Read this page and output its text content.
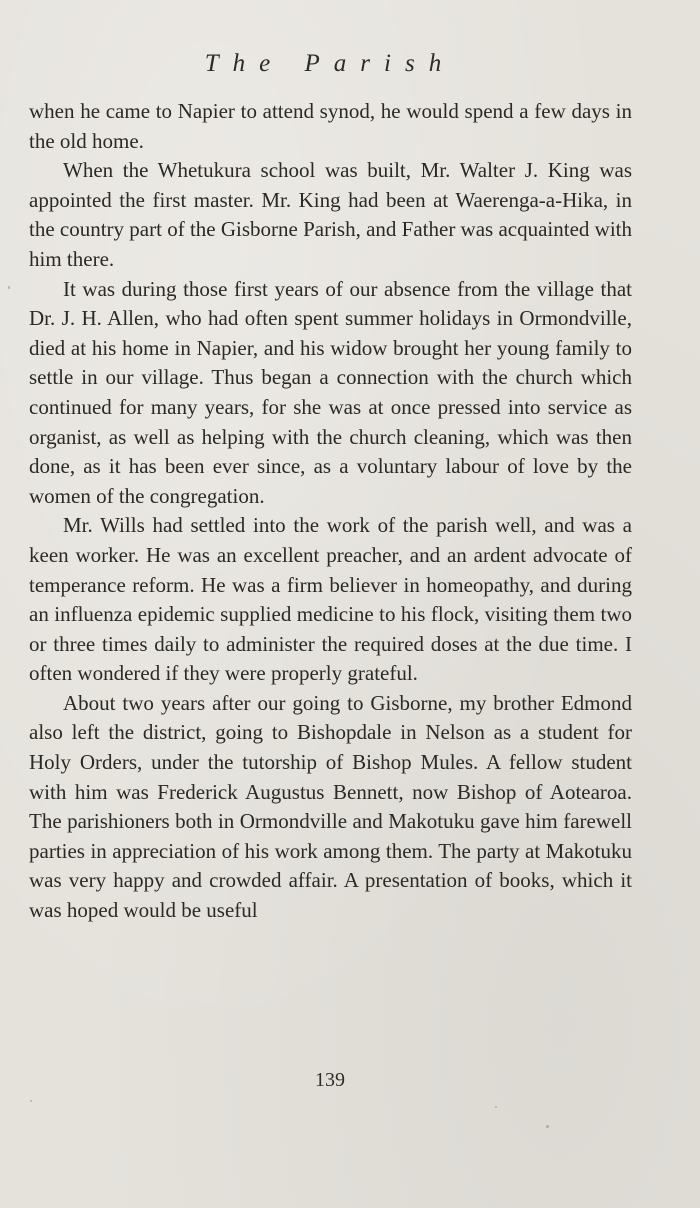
The Parish

when he came to Napier to attend synod, he would spend a few days in the old home.

When the Whetukura school was built, Mr. Walter J. King was appointed the first master. Mr. King had been at Waerenga-a-Hika, in the country part of the Gisborne Parish, and Father was acquainted with him there.

It was during those first years of our absence from the village that Dr. J. H. Allen, who had often spent summer holidays in Ormondville, died at his home in Napier, and his widow brought her young family to settle in our village. Thus began a connection with the church which continued for many years, for she was at once pressed into service as organist, as well as helping with the church cleaning, which was then done, as it has been ever since, as a voluntary labour of love by the women of the congregation.

Mr. Wills had settled into the work of the parish well, and was a keen worker. He was an excellent preacher, and an ardent advocate of temperance reform. He was a firm believer in homeopathy, and during an influenza epidemic supplied medicine to his flock, visiting them two or three times daily to administer the required doses at the due time. I often wondered if they were properly grateful.

About two years after our going to Gisborne, my brother Edmond also left the district, going to Bishopdale in Nelson as a student for Holy Orders, under the tutorship of Bishop Mules. A fellow student with him was Frederick Augustus Bennett, now Bishop of Aotearoa. The parishioners both in Ormondville and Makotuku gave him farewell parties in appreciation of his work among them. The party at Makotuku was very happy and crowded affair. A presentation of books, which it was hoped would be useful

139
